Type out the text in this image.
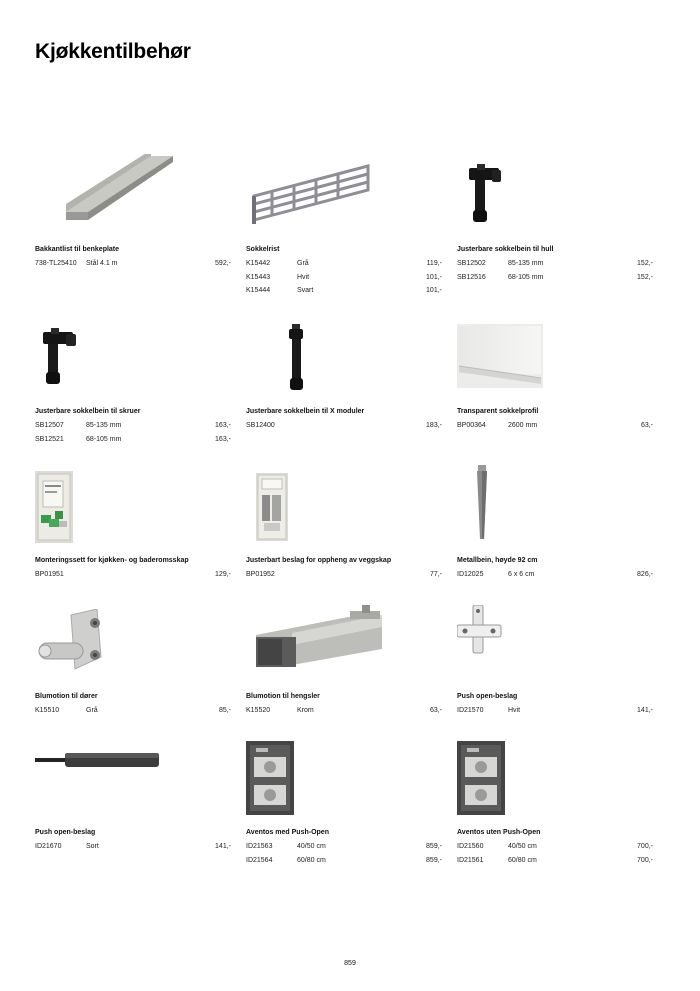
Kjøkkentilbehør
Bakkantlist til benkeplate
738-TL25410	Stål 4.1 m	592,-
Sokkelrist
K15442	Grå	119,-
K15443	Hvit	101,-
K15444	Svart	101,-
Justerbare sokkelbein til hull
SB12502	85-135 mm	152,-
SB12516	68-105 mm	152,-
Justerbare sokkelbein til skruer
SB12507	85-135 mm	163,-
SB12521	68-105 mm	163,-
Justerbare sokkelbein til X moduler
SB12400	183,-
Transparent sokkelprofil
BP00364	2600 mm	63,-
Monteringssett for kjøkken- og baderomsskap
BP01951	129,-
Justerbart beslag for oppheng av veggskap
BP01952	77,-
Metallbein, høyde 92 cm
ID12025	6 x 6 cm	826,-
Blumotion til dører
K15510	Grå	85,-
Blumotion til hengsler
K15520	Krom	63,-
Push open-beslag
ID21570	Hvit	141,-
Push open-beslag
ID21670	Sort	141,-
Aventos med Push-Open
ID21563	40/50 cm	859,-
ID21564	60/80 cm	859,-
Aventos uten Push-Open
ID21560	40/50 cm	700,-
ID21561	60/80 cm	700,-
859
